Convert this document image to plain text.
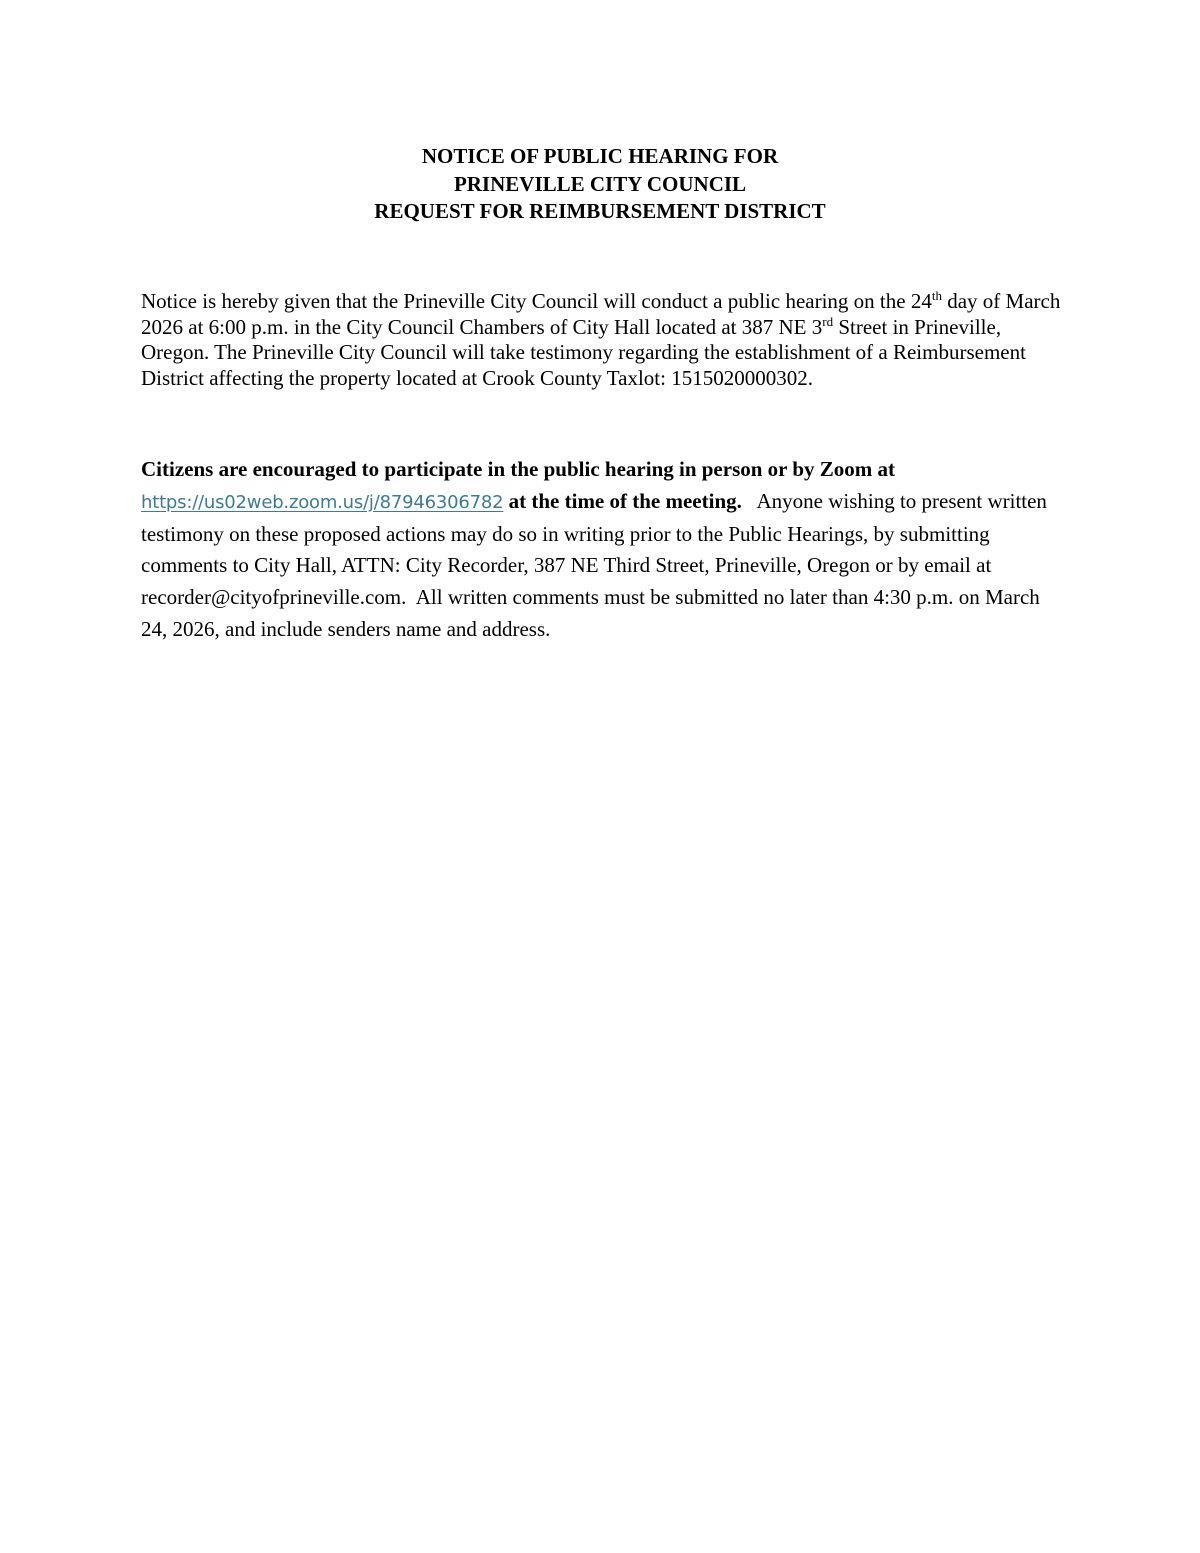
NOTICE OF PUBLIC HEARING FOR
PRINEVILLE CITY COUNCIL
REQUEST FOR REIMBURSEMENT DISTRICT

Notice is hereby given that the Prineville City Council will conduct a public hearing on the 24th day of March 2026 at 6:00 p.m. in the City Council Chambers of City Hall located at 387 NE 3rd Street in Prineville, Oregon. The Prineville City Council will take testimony regarding the establishment of a Reimbursement District affecting the property located at Crook County Taxlot: 1515020000302.

Citizens are encouraged to participate in the public hearing in person or by Zoom at https://us02web.zoom.us/j/87946306782 at the time of the meeting.   Anyone wishing to present written testimony on these proposed actions may do so in writing prior to the Public Hearings, by submitting comments to City Hall, ATTN: City Recorder, 387 NE Third Street, Prineville, Oregon or by email at recorder@cityofprineville.com.  All written comments must be submitted no later than 4:30 p.m. on March 24, 2026, and include senders name and address.
